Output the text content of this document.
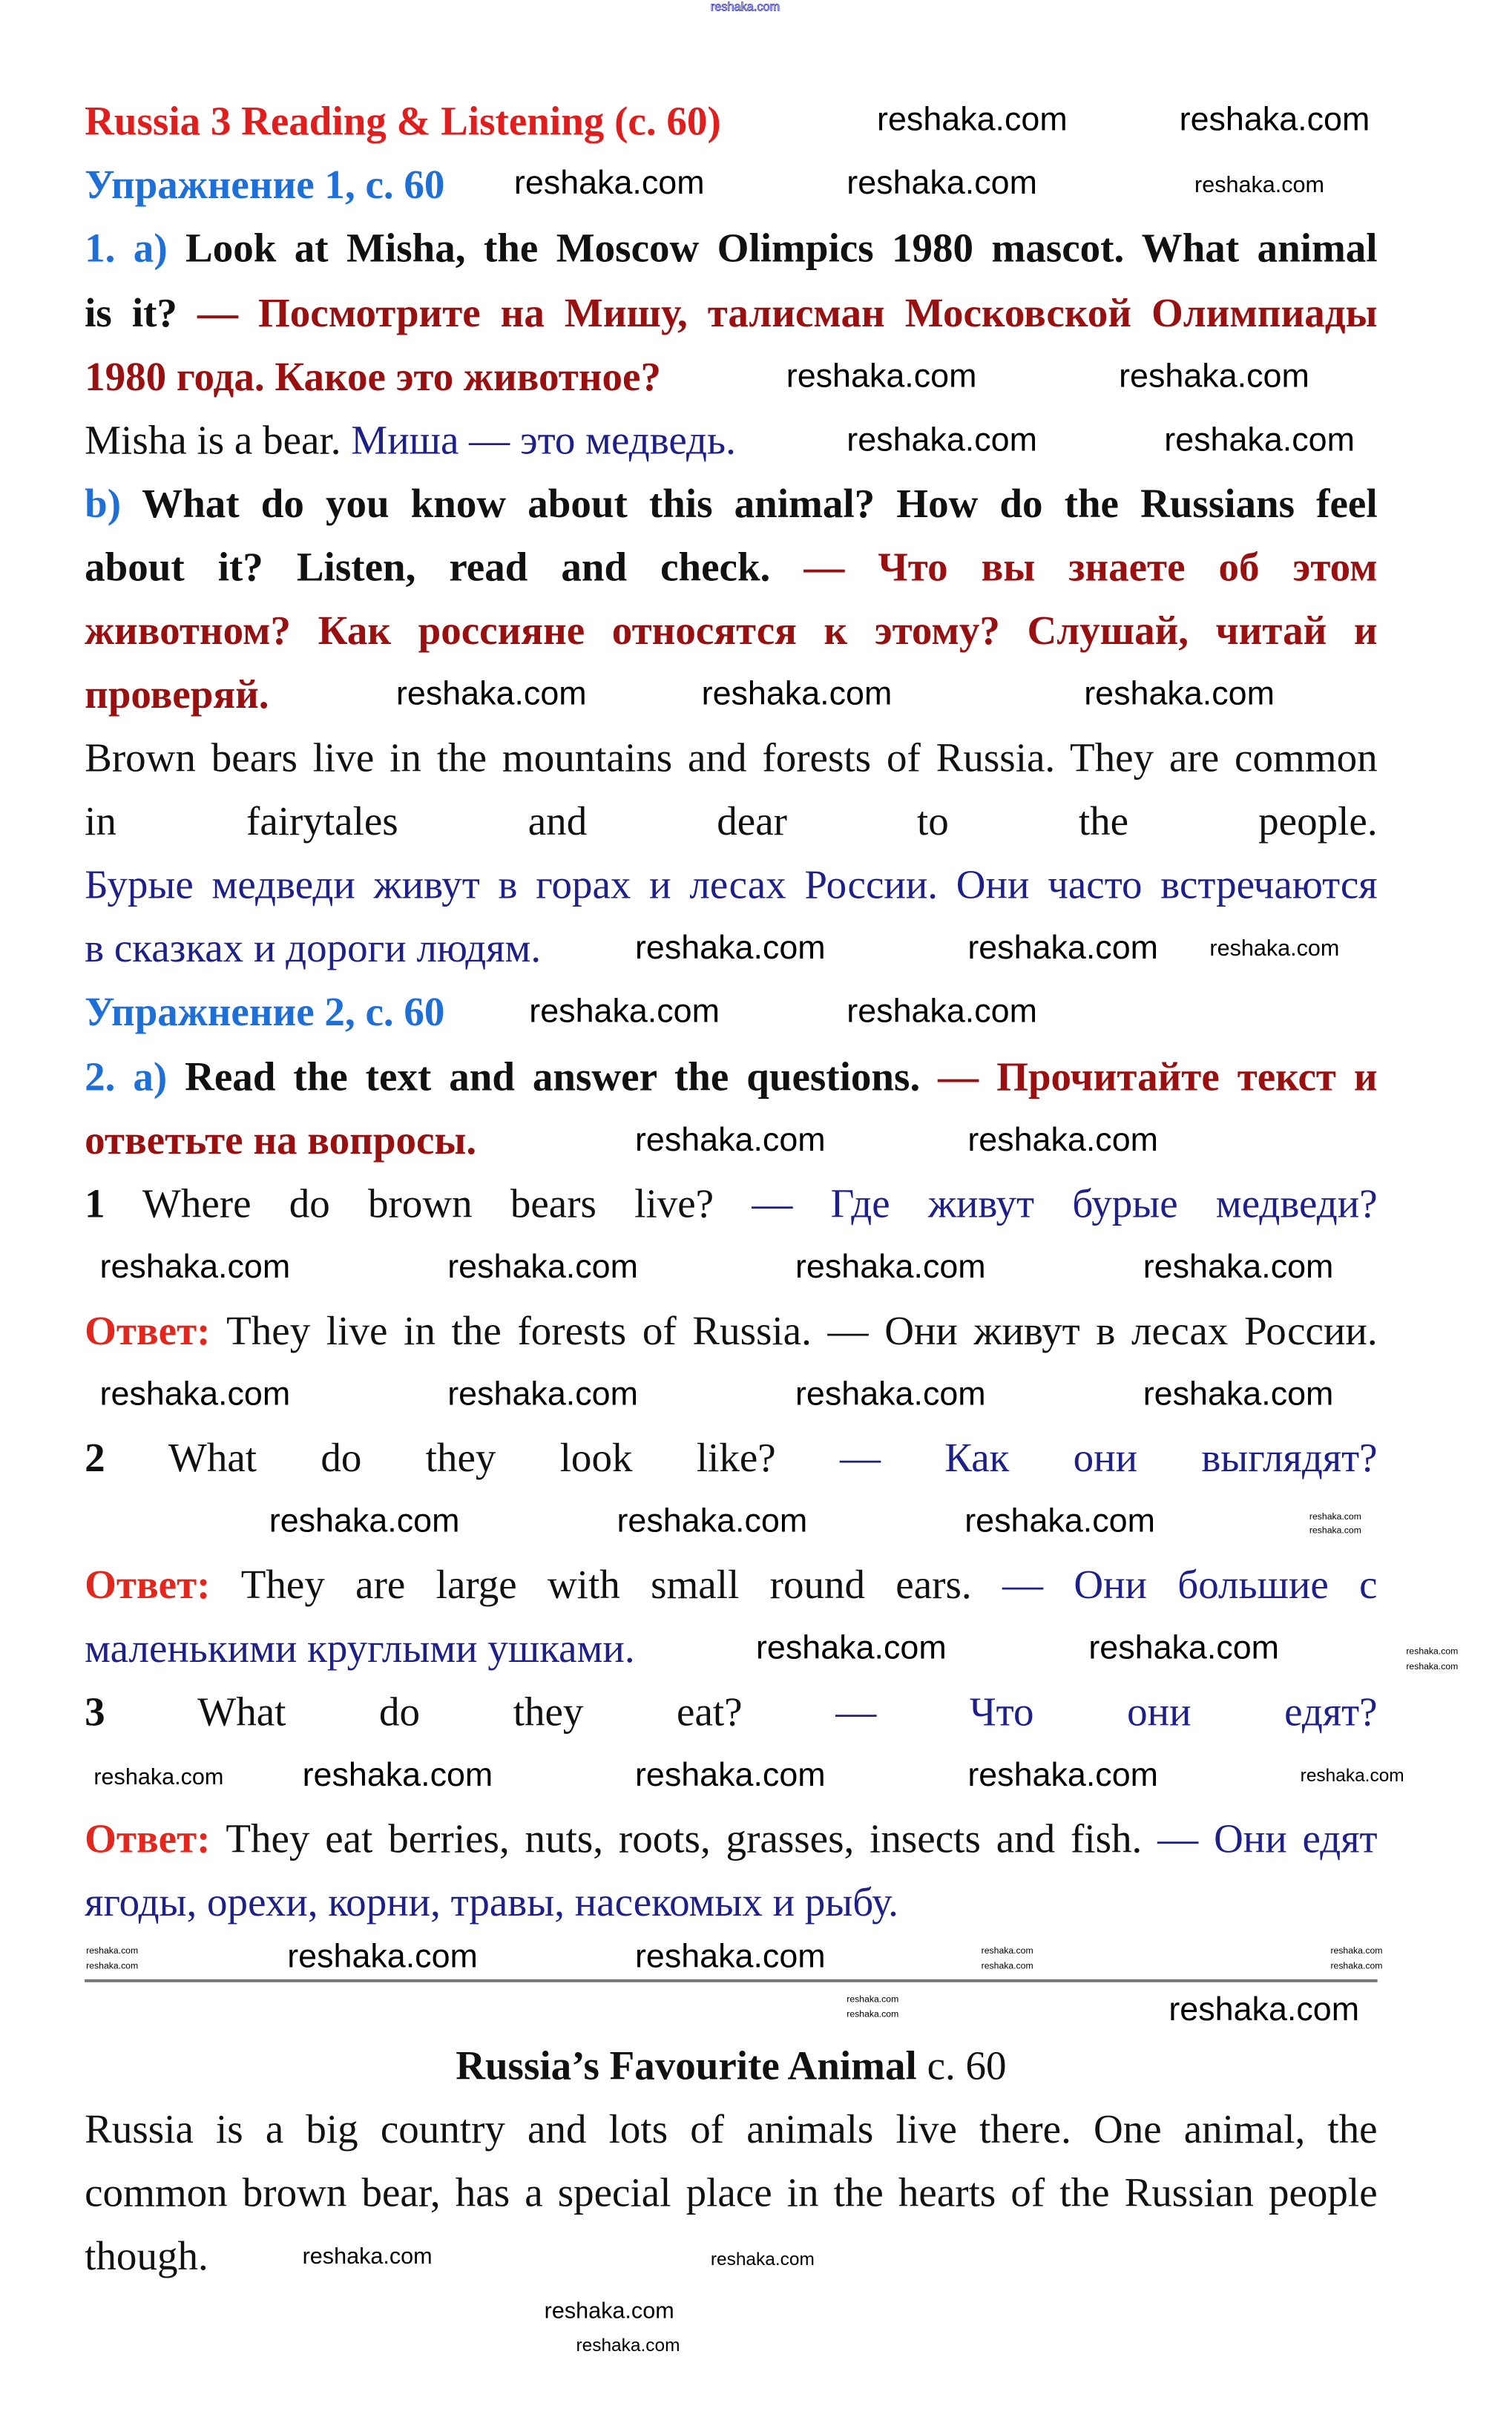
Russia 3 Reading & Listening (c. 60)
Упражнение 1, с. 60
1. a) Look at Misha, the Moscow Olimpics 1980 mascot. What animal
is it? — Посмотрите на Мишу, талисман Московской Олимпиады
1980 года. Какое это животное?
Misha is a bear. Миша — это медведь.
b) What do you know about this animal? How do the Russians feel
about it? Listen, read and check. — Что вы знаете об этом
животном? Как россияне относятся к этому? Слушай, читай и
проверяй.
Brown bears live in the mountains and forests of Russia. They are common
in fairytales and dear to the people.
Бурые медведи живут в горах и лесах России. Они часто встречаются
в сказках и дороги людям.
Упражнение 2, с. 60
2. a) Read the text and answer the questions. — Прочитайте текст и
ответьте на вопросы.
1 Where do brown bears live? — Где живут бурые медведи?
Ответ: They live in the forests of Russia. — Они живут в лесах России.
2 What do they look like? — Как они выглядят?
Ответ: They are large with small round ears. — Они большие с
маленькими круглыми ушками.
3 What do they eat? — Что они едят?
Ответ: They eat berries, nuts, roots, grasses, insects and fish. — Они едят
ягоды, орехи, корни, травы, насекомых и рыбу.
Russia’s Favourite Animal c. 60
Russia is a big country and lots of animals live there. One animal, the
common brown bear, has a special place in the hearts of the Russian people
though.
reshaka.com
reshaka.com	reshaka.com
reshaka.com	reshaka.com
reshaka.com	reshaka.com
reshaka.com	reshaka.com
reshaka.com	reshaka.com	reshaka.com
reshaka.com	reshaka.com
reshaka.com	reshaka.com
reshaka.com	reshaka.com
reshaka.com	reshaka.com	reshaka.com	reshaka.com
reshaka.com	reshaka.com	reshaka.com	reshaka.com
reshaka.com	reshaka.com	reshaka.com
reshaka.com	reshaka.com
reshaka.com	reshaka.com	reshaka.com
reshaka.com	reshaka.com
reshaka.com
reshaka.com
reshaka.com
reshaka.com
reshaka.com
reshaka.com
reshaka.com
reshaka.com
reshaka.com
reshaka.com
reshaka.com
reshaka.com
reshaka.com
reshaka.com
reshaka.com
reshaka.com
reshaka.com
reshaka.com
reshaka.com
reshaka.com
reshaka.com
